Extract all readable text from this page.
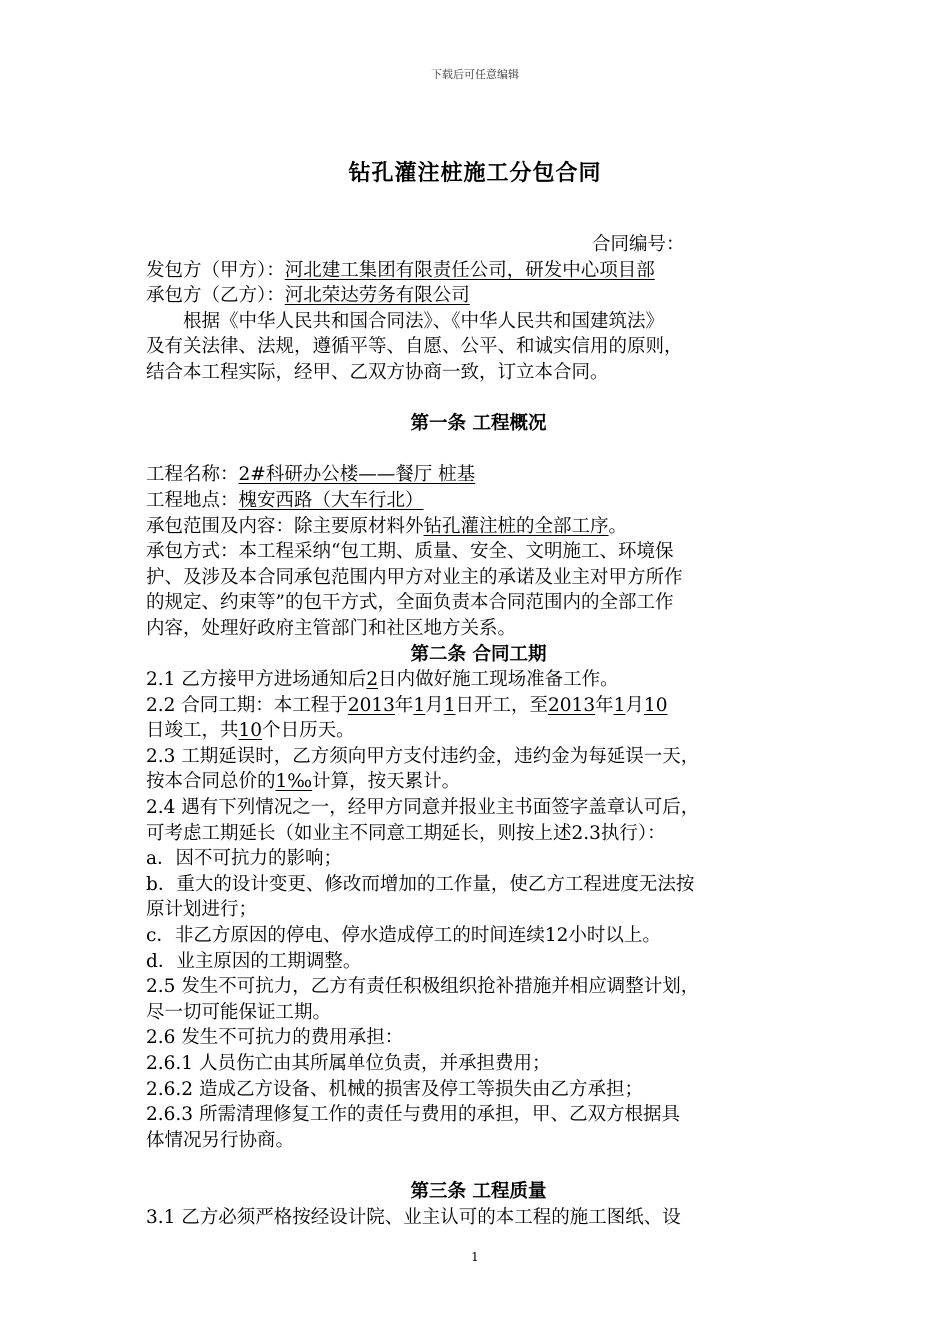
下载后可任意编辑
钻孔灌注桩施工分包合同
合同编号：
发包方（甲方）：河北建工集团有限责任公司，研发中心项目部
承包方（乙方）：河北荣达劳务有限公司
根据《中华人民共和国合同法》、《中华人民共和国建筑法》
及有关法律、法规，遵循平等、自愿、公平、和诚实信用的原则，
结合本工程实际，经甲、乙双方协商一致，订立本合同。
第一条 工程概况
工程名称：2#科研办公楼——餐厅 桩基
工程地点：槐安西路（大车行北）
承包范围及内容：除主要原材料外钻孔灌注桩的全部工序。
承包方式：本工程采纳“包工期、质量、安全、文明施工、环境保
护、及涉及本合同承包范围内甲方对业主的承诺及业主对甲方所作
的规定、约束等”的包干方式，全面负责本合同范围内的全部工作
内容，处理好政府主管部门和社区地方关系。
第二条 合同工期
2.1 乙方接甲方进场通知后2日内做好施工现场准备工作。
2.2 合同工期：本工程于2013年1月1日开工，至2013年1月10
日竣工，共10个日历天。
2.3 工期延误时，乙方须向甲方支付违约金，违约金为每延误一天，
按本合同总价的1‰计算，按天累计。
2.4 遇有下列情况之一，经甲方同意并报业主书面签字盖章认可后，
可考虑工期延长（如业主不同意工期延长，则按上述2.3执行）：
a．因不可抗力的影响；
b．重大的设计变更、修改而增加的工作量，使乙方工程进度无法按
原计划进行；
c．非乙方原因的停电、停水造成停工的时间连续12小时以上。
d．业主原因的工期调整。
2.5 发生不可抗力，乙方有责任积极组织抢补措施并相应调整计划，
尽一切可能保证工期。
2.6 发生不可抗力的费用承担：
2.6.1 人员伤亡由其所属单位负责，并承担费用；
2.6.2 造成乙方设备、机械的损害及停工等损失由乙方承担；
2.6.3 所需清理修复工作的责任与费用的承担，甲、乙双方根据具
体情况另行协商。
第三条 工程质量
3.1 乙方必须严格按经设计院、业主认可的本工程的施工图纸、设
1
